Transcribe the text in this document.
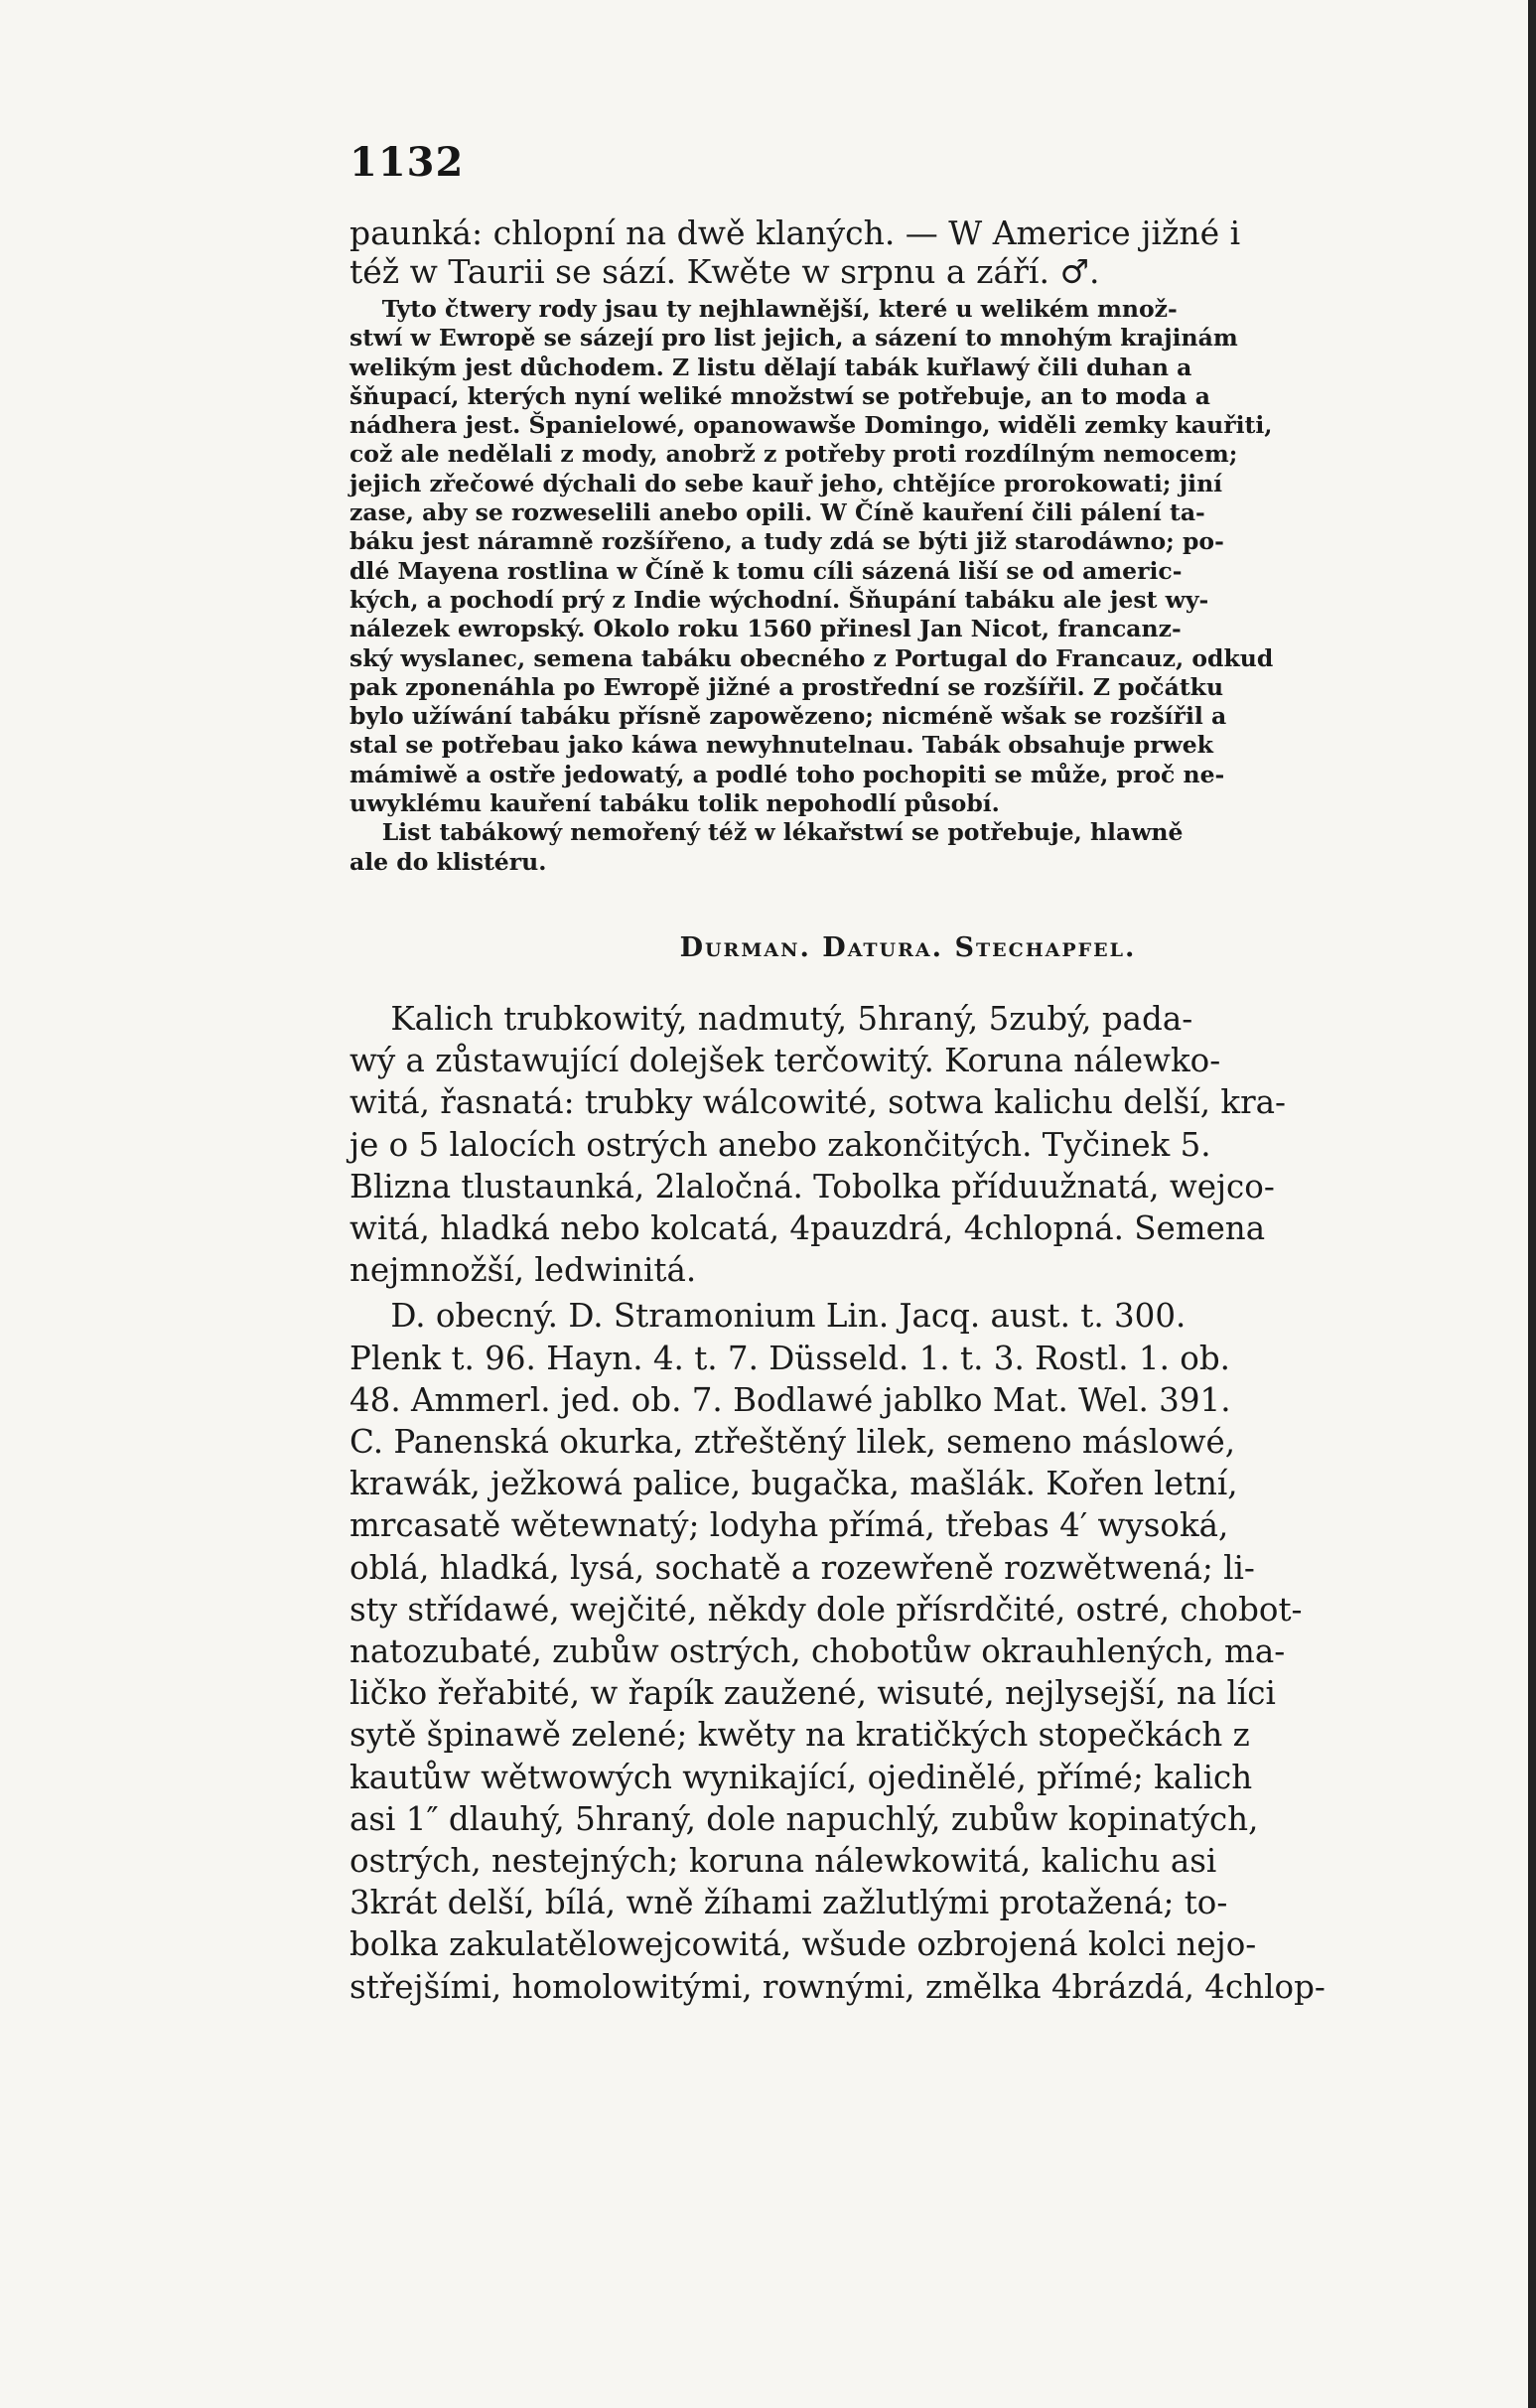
1132
paunká: chlopní na dwě klaných. — W Americe jižné i
též w Taurii se sází. Kwěte w srpnu a září. ♂.
Tyto čtwery rody jsau ty nejhlawnější, které u welikém množ-
stwí w Ewropě se sázejí pro list jejich, a sázení to mnohým krajinám
welikým jest důchodem. Z listu dělají tabák kuřlawý čili duhan a
šňupací, kterých nyní weliké množstwí se potřebuje, an to moda a
nádhera jest. Španielowé, opanowawše Domingo, widěli zemky kauřiti,
což ale nedělali z mody, anobrž z potřeby proti rozdílným nemocem;
jejich zřečowé dýchali do sebe kauř jeho, chtějíce prorokowati; jiní
zase, aby se rozweselili anebo opili. W Číně kauření čili pálení ta-
báku jest náramně rozšířeno, a tudy zdá se býti již starodáwno; po-
dlé Mayena rostlina w Číně k tomu cíli sázená liší se od americ-
kých, a pochodí prý z Indie wýchodní. Šňupání tabáku ale jest wy-
nálezek ewropský. Okolo roku 1560 přinesl Jan Nicot, francanz-
ský wyslanec, semena tabáku obecného z Portugal do Francauz, odkud
pak zponenáhla po Ewropě jižné a prostřední se rozšířil. Z počátku
bylo užíwání tabáku přísně zapowězeno; nicméně wšak se rozšířil a
stal se potřebau jako káwa newyhnutelnau. Tabák obsahuje prwek
mámiwě a ostře jedowatý, a podlé toho pochopiti se může, proč ne-
uwyklému kauření tabáku tolik nepohodlí působí.
List tabákowý nemořený též w lékařstwí se potřebuje, hlawně
ale do klistéru.
Durman. Datura. Stechapfel.
Kalich trubkowitý, nadmutý, 5hraný, 5zubý, pada-
wý a zůstawující dolejšek terčowitý. Koruna nálewko-
witá, řasnatá: trubky wálcowité, sotwa kalichu delší, kra-
je o 5 lalocích ostrých anebo zakončitých. Tyčinek 5.
Blizna tlustaunká, 2laločná. Tobolka příduužnatá, wejco-
witá, hladká nebo kolcatá, 4pauzdrá, 4chlopná. Semena
nejmnožší, ledwinitá.
D. obecný. D. Stramonium Lin. Jacq. aust. t. 300.
Plenk t. 96. Hayn. 4. t. 7. Düsseld. 1. t. 3. Rostl. 1. ob.
48. Ammerl. jed. ob. 7. Bodlawé jablko Mat. Wel. 391.
C. Panenská okurka, ztřeštěný lilek, semeno máslowé,
krawák, ježkowá palice, bugačka, mašlák. Kořen letní,
mrcasatě wětewnatý; lodyha přímá, třebas 4′ wysoká,
oblá, hladká, lysá, sochatě a rozewřeně rozwětwená; li-
sty střídawé, wejčité, někdy dole přísrdčité, ostré, chobot-
natozubaté, zubůw ostrých, chobotůw okrauhlených, ma-
ličko řeřabité, w řapík zaužené, wisuté, nejlysejší, na líci
sytě špinawě zelené; kwěty na kratičkých stopečkách z
kautůw wětwowých wynikající, ojedinělé, přímé; kalich
asi 1″ dlauhý, 5hraný, dole napuchlý, zubůw kopinatých,
ostrých, nestejných; koruna nálewkowitá, kalichu asi
3krát delší, bílá, wně žíhami zažlutlými protažená; to-
bolka zakulatělowejcowitá, wšude ozbrojená kolci nejo-
střejšími, homolowitými, rownými, změlka 4brázdá, 4chlop-
